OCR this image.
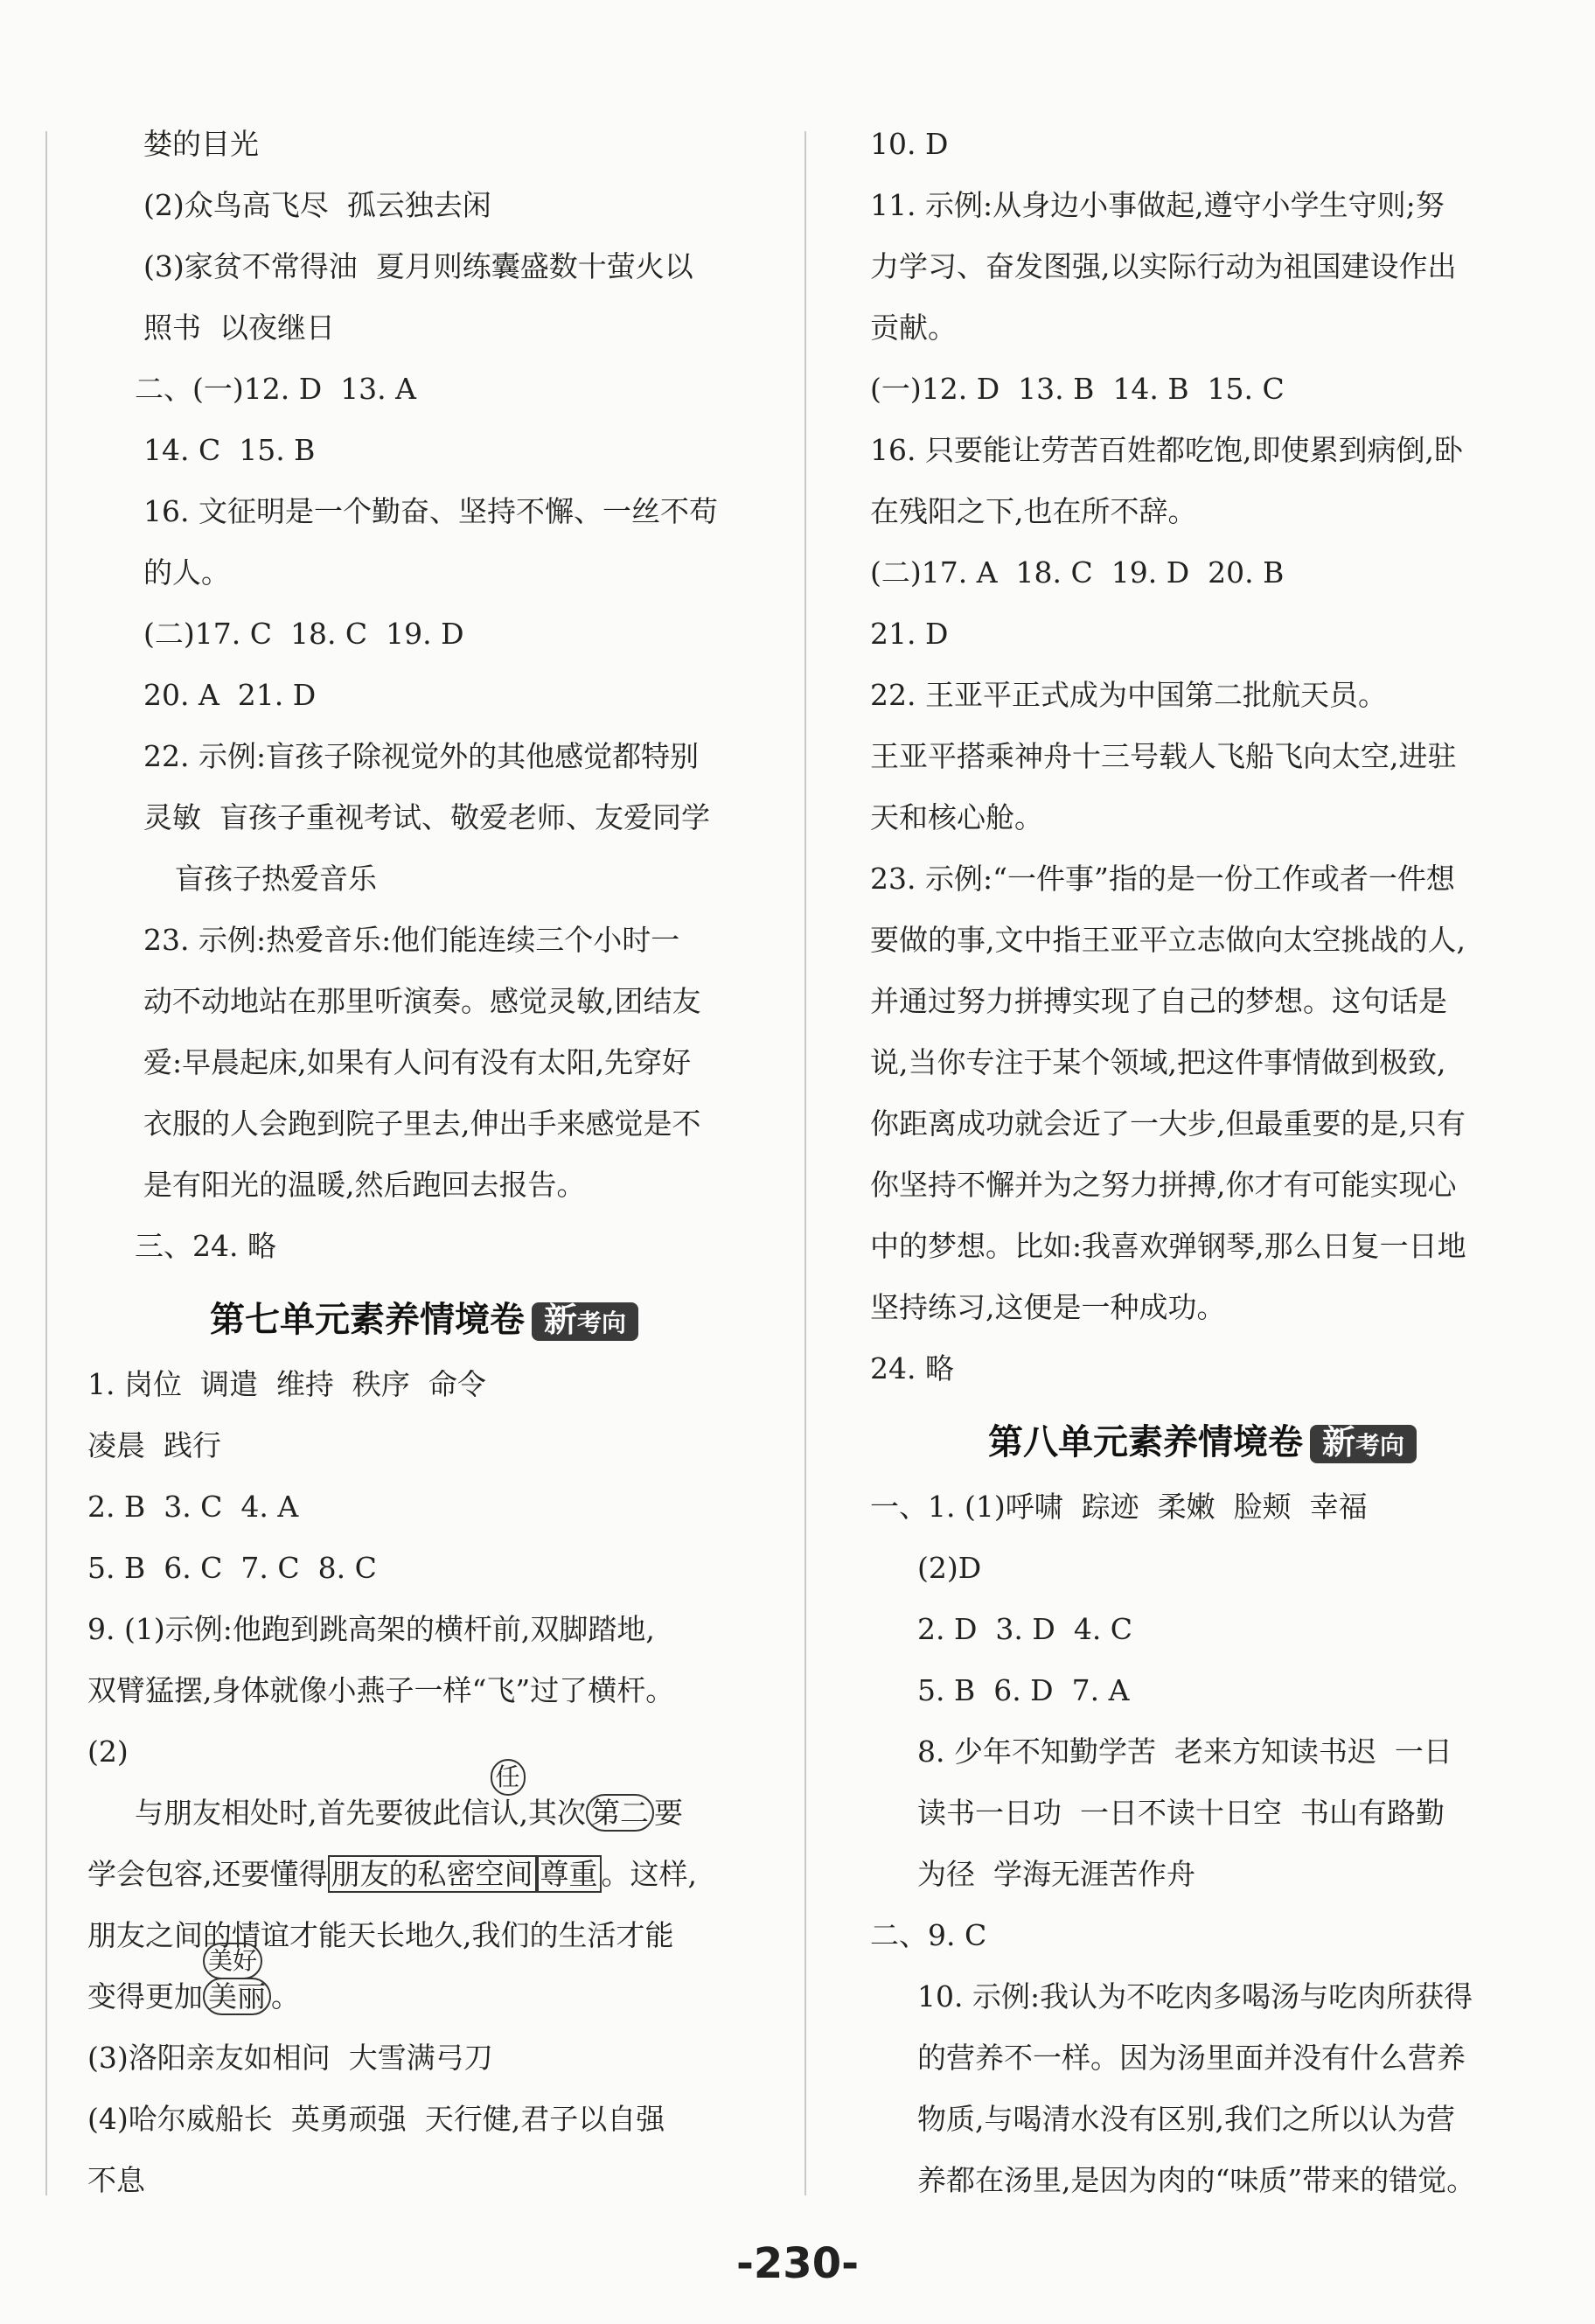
婪的目光
(2)众鸟高飞尽  孤云独去闲
(3)家贫不常得油  夏月则练囊盛数十萤火以
照书  以夜继日
二、(一)12. D  13. A
14. C  15. B
16. 文征明是一个勤奋、坚持不懈、一丝不苟
的人。
(二)17. C  18. C  19. D
20. A  21. D
22. 示例:盲孩子除视觉外的其他感觉都特别
灵敏  盲孩子重视考试、敬爱老师、友爱同学
盲孩子热爱音乐
23. 示例:热爱音乐:他们能连续三个小时一
动不动地站在那里听演奏。感觉灵敏,团结友
爱:早晨起床,如果有人问有没有太阳,先穿好
衣服的人会跑到院子里去,伸出手来感觉是不
是有阳光的温暖,然后跑回去报告。
三、24. 略
第七单元素养情境卷 新考向
1. 岗位  调遣  维持  秩序  命令
凌晨  践行
2. B  3. C  4. A
5. B  6. C  7. C  8. C
9. (1)示例:他跑到跳高架的横杆前,双脚踏地,
双臂猛摆,身体就像小燕子一样“飞”过了横杆。
(2)
与朋友相处时,首先要彼此信认
任
,其次 第二 要
学会包容,还要懂得 朋友的私密空间 尊重 。这样,
朋友之间的情谊才能天长地久,我们的生活才能
变得更加 美丽
美好
。
(3)洛阳亲友如相问  大雪满弓刀
(4)哈尔威船长  英勇顽强  天行健,君子以自强
不息
10. D
11. 示例:从身边小事做起,遵守小学生守则;努
力学习、奋发图强,以实际行动为祖国建设作出
贡献。
(一)12. D  13. B  14. B  15. C
16. 只要能让劳苦百姓都吃饱,即使累到病倒,卧
在残阳之下,也在所不辞。
(二)17. A  18. C  19. D  20. B
21. D
22. 王亚平正式成为中国第二批航天员。
王亚平搭乘神舟十三号载人飞船飞向太空,进驻
天和核心舱。
23. 示例:“一件事”指的是一份工作或者一件想
要做的事,文中指王亚平立志做向太空挑战的人,
并通过努力拼搏实现了自己的梦想。这句话是
说,当你专注于某个领域,把这件事情做到极致,
你距离成功就会近了一大步,但最重要的是,只有
你坚持不懈并为之努力拼搏,你才有可能实现心
中的梦想。比如:我喜欢弹钢琴,那么日复一日地
坚持练习,这便是一种成功。
24. 略
第八单元素养情境卷 新考向
一、1. (1)呼啸  踪迹  柔嫩  脸颊  幸福
(2)D
2. D  3. D  4. C
5. B  6. D  7. A
8. 少年不知勤学苦  老来方知读书迟  一日
读书一日功  一日不读十日空  书山有路勤
为径  学海无涯苦作舟
二、9. C
10. 示例:我认为不吃肉多喝汤与吃肉所获得
的营养不一样。因为汤里面并没有什么营养
物质,与喝清水没有区别,我们之所以认为营
养都在汤里,是因为肉的“味质”带来的错觉。
-230-
